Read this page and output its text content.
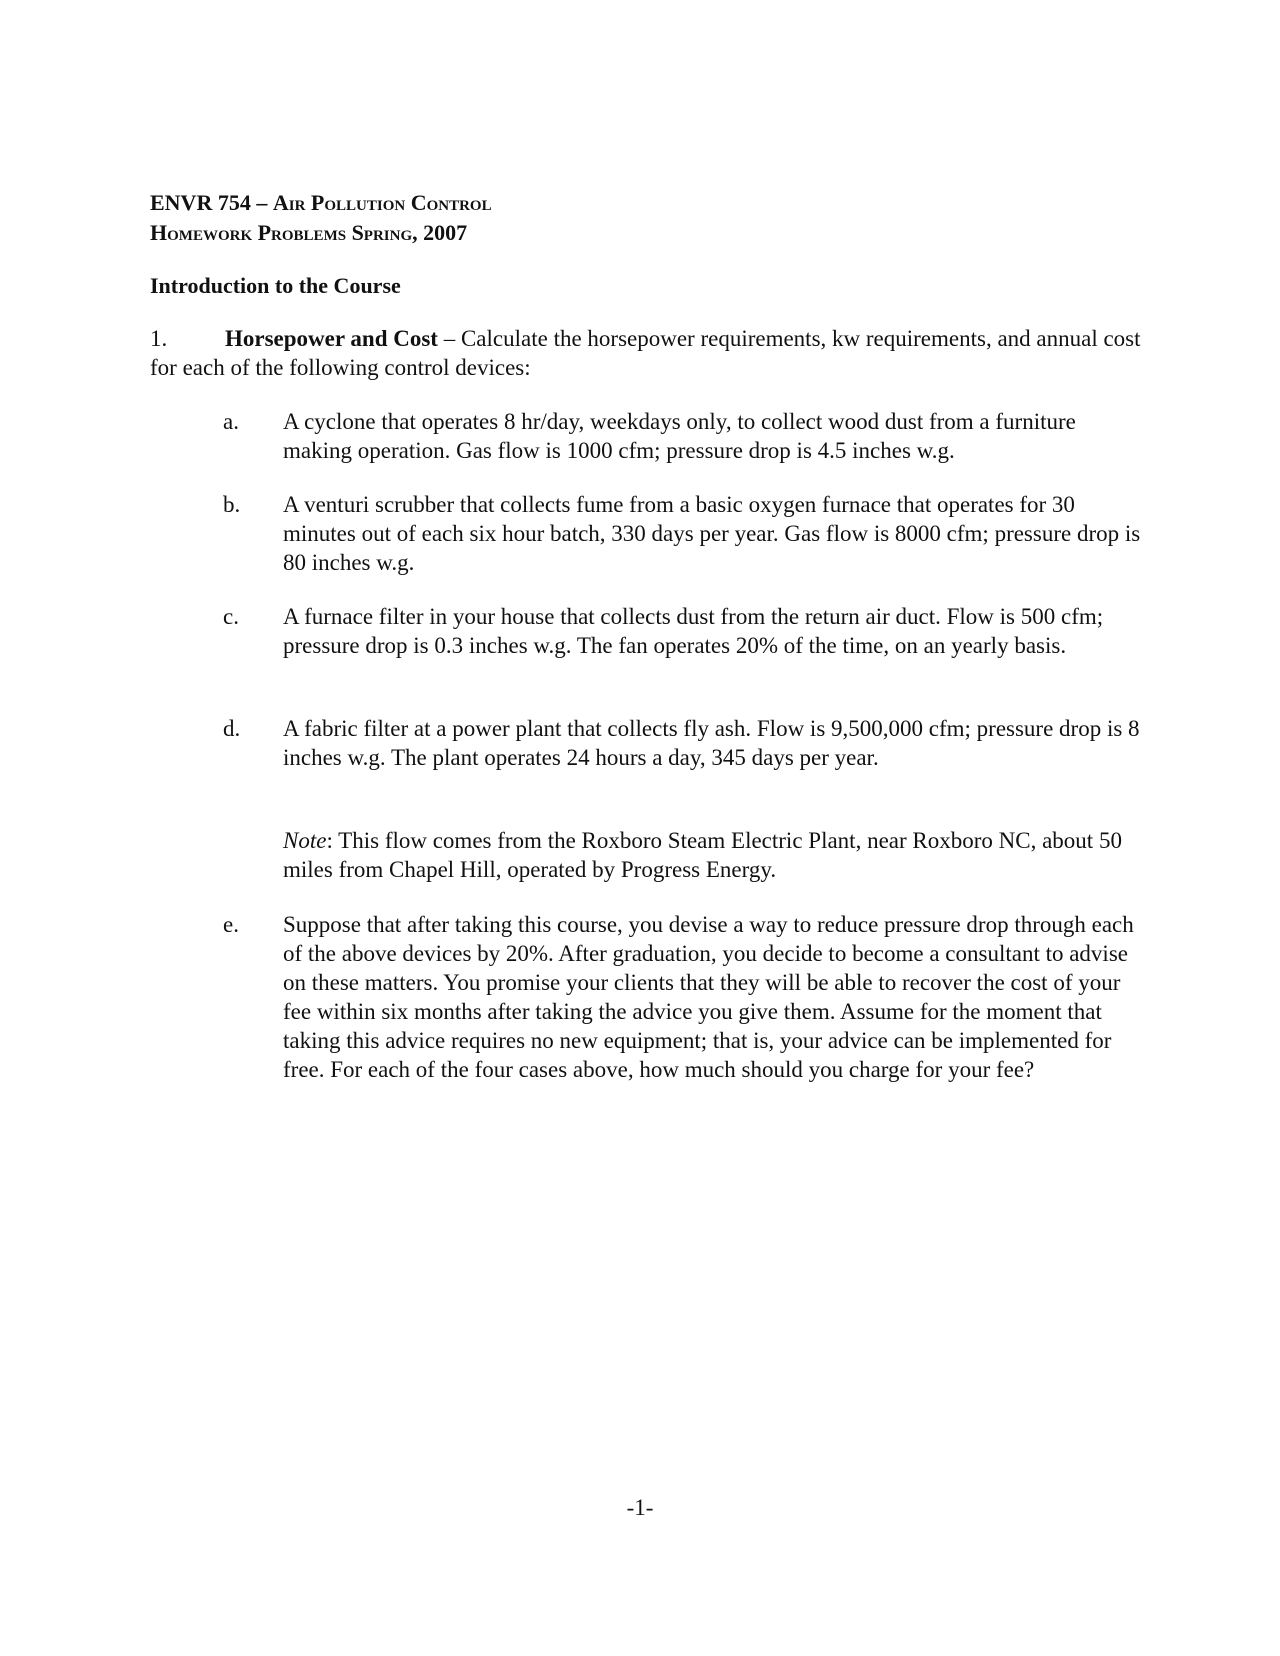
ENVR 754 – Air Pollution Control
Homework Problems Spring, 2007
Introduction to the Course
1.	Horsepower and Cost – Calculate the horsepower requirements, kw requirements, and annual cost for each of the following control devices:
a. A cyclone that operates 8 hr/day, weekdays only, to collect wood dust from a furniture making operation. Gas flow is 1000 cfm; pressure drop is 4.5 inches w.g.
b. A venturi scrubber that collects fume from a basic oxygen furnace that operates for 30 minutes out of each six hour batch, 330 days per year. Gas flow is 8000 cfm; pressure drop is 80 inches w.g.
c. A furnace filter in your house that collects dust from the return air duct. Flow is 500 cfm; pressure drop is 0.3 inches w.g. The fan operates 20% of the time, on an yearly basis.
d. A fabric filter at a power plant that collects fly ash. Flow is 9,500,000 cfm; pressure drop is 8 inches w.g. The plant operates 24 hours a day, 345 days per year.
Note: This flow comes from the Roxboro Steam Electric Plant, near Roxboro NC, about 50 miles from Chapel Hill, operated by Progress Energy.
e. Suppose that after taking this course, you devise a way to reduce pressure drop through each of the above devices by 20%. After graduation, you decide to become a consultant to advise on these matters. You promise your clients that they will be able to recover the cost of your fee within six months after taking the advice you give them. Assume for the moment that taking this advice requires no new equipment; that is, your advice can be implemented for free. For each of the four cases above, how much should you charge for your fee?
-1-
